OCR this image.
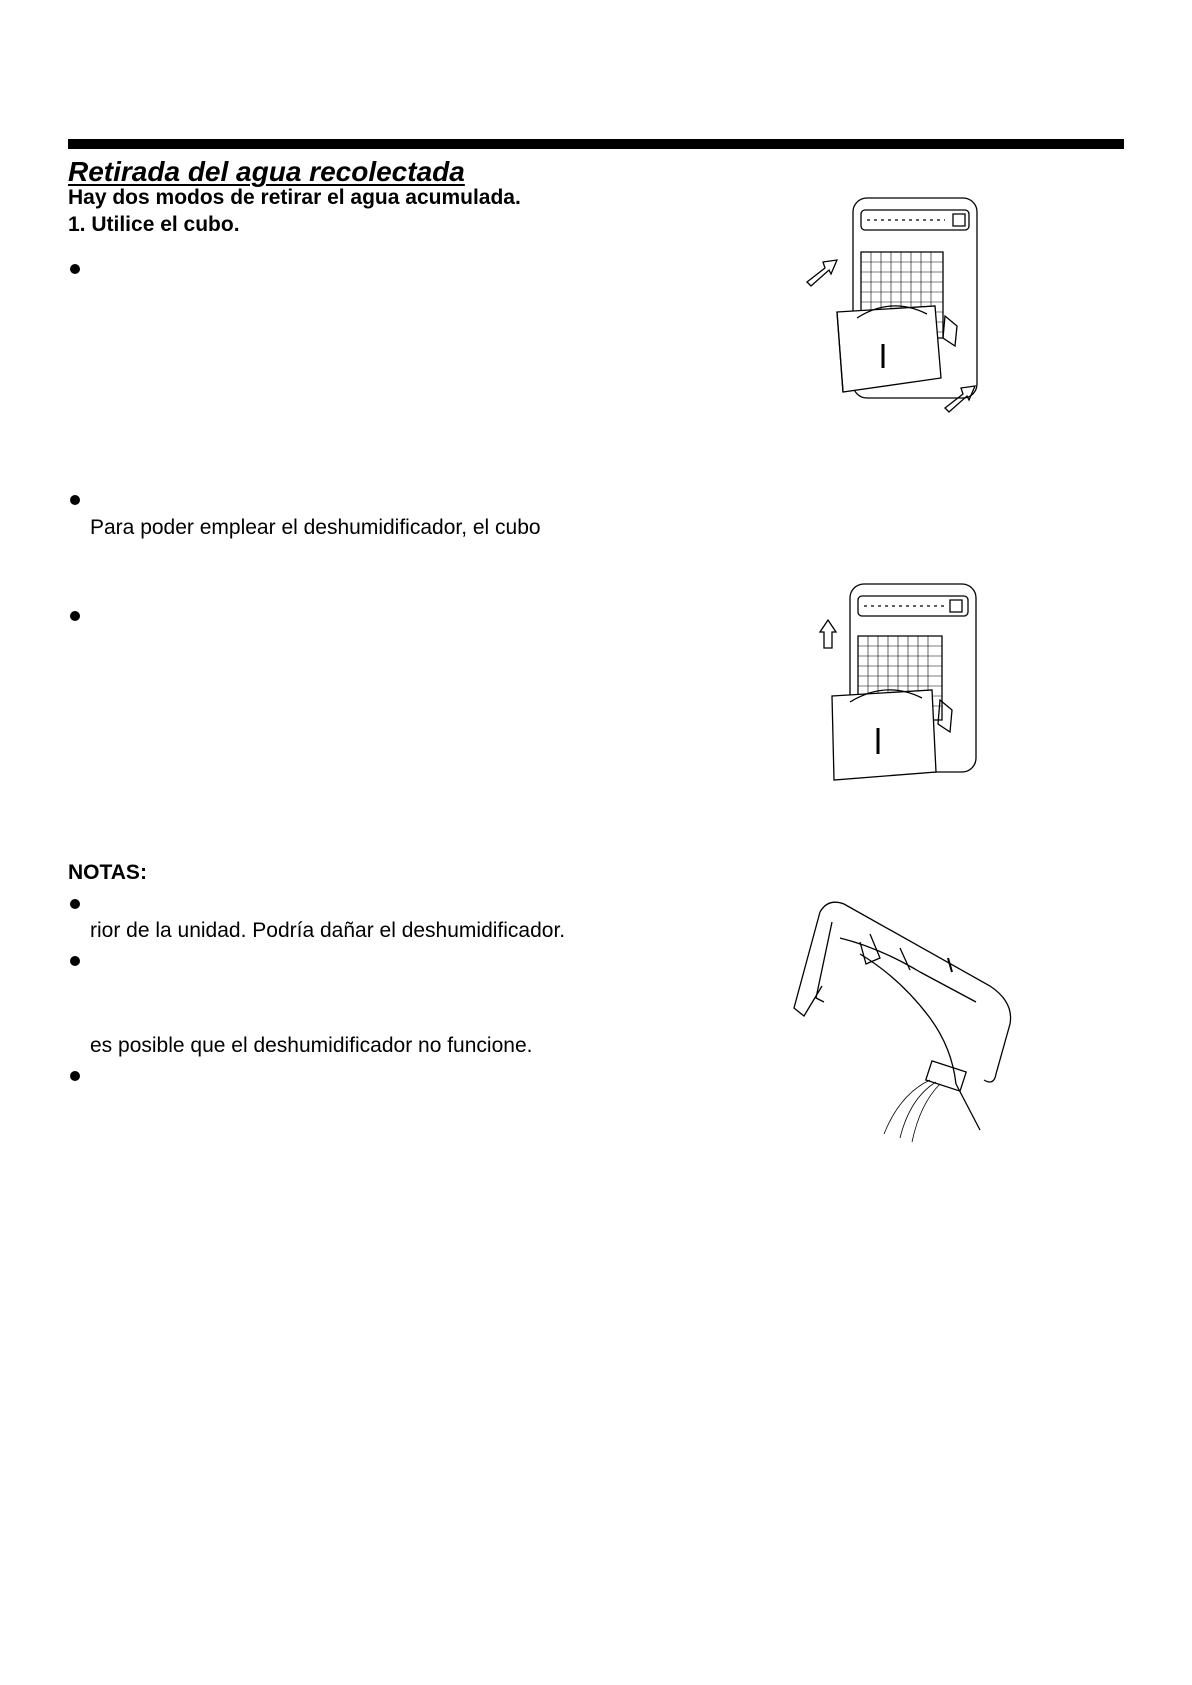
Retirada del agua recolectada
Hay dos modos de retirar el agua acumulada.
1. Utilice el cubo.
Para poder emplear el deshumidificador, el cubo
NOTAS:
rior de la unidad. Podría dañar el deshumidificador.
es posible que el deshumidificador no funcione.
